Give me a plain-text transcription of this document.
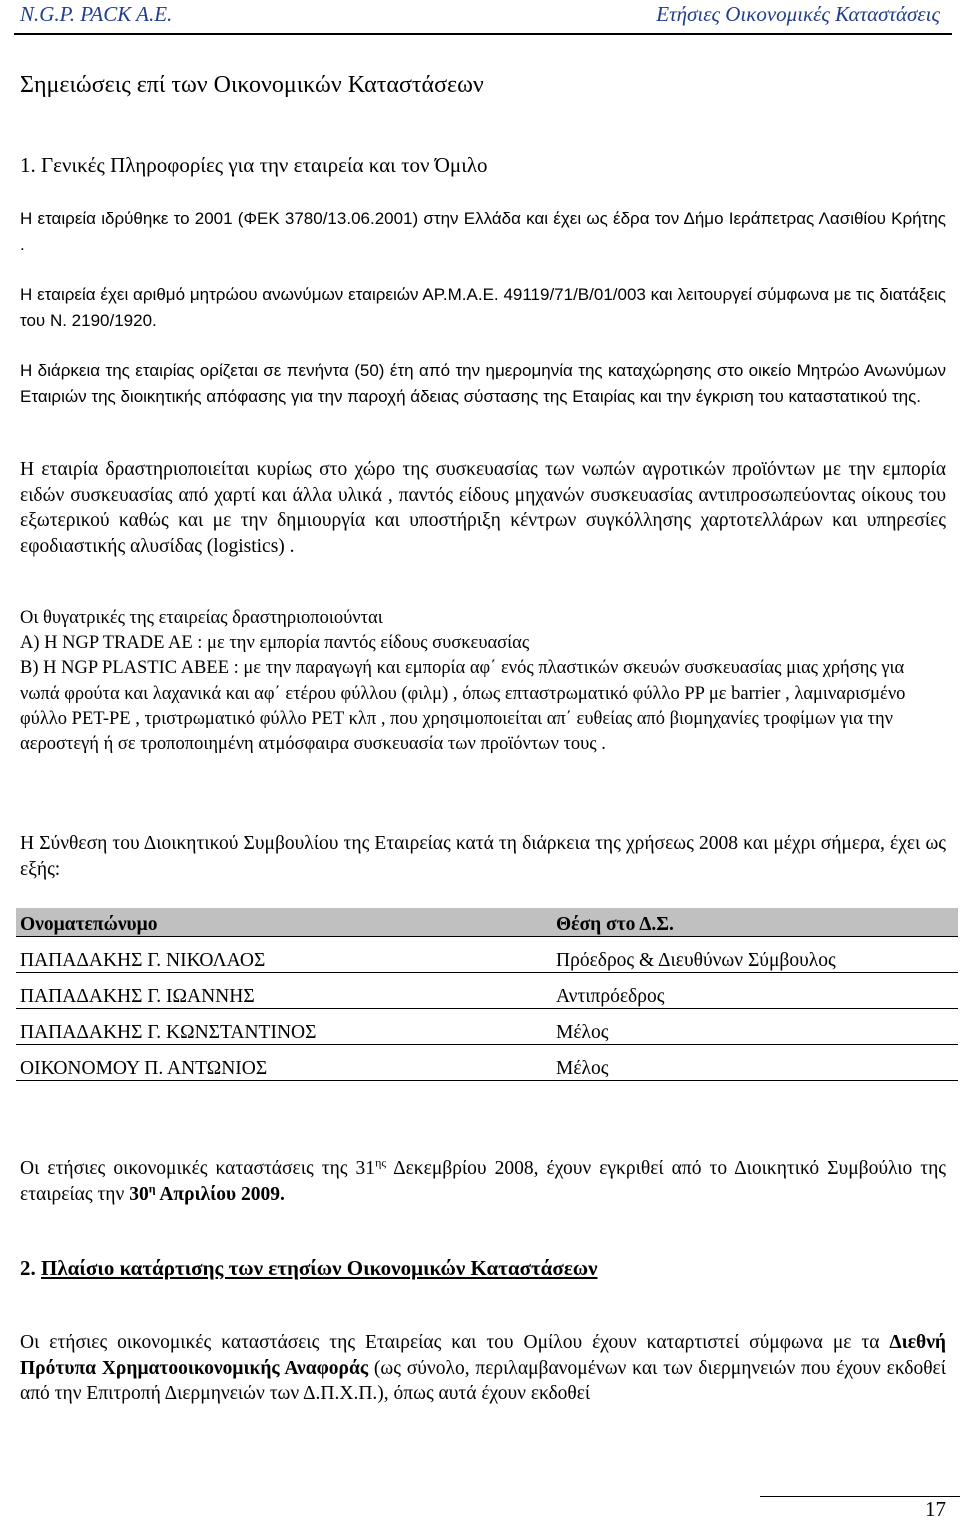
N.G.P. PACK A.E.	Ετήσιες Οικονομικές Καταστάσεις
Σημειώσεις επί των Οικονομικών Καταστάσεων
1. Γενικές Πληροφορίες για την εταιρεία και τον Όμιλο
Η εταιρεία ιδρύθηκε το 2001 (ΦΕΚ 3780/13.06.2001) στην Ελλάδα και έχει ως έδρα τον Δήμο Ιεράπετρας Λασιθίου Κρήτης .
Η εταιρεία έχει αριθμό μητρώου ανωνύμων εταιρειών ΑΡ.Μ.Α.Ε. 49119/71/Β/01/003 και λειτουργεί σύμφωνα με τις διατάξεις του Ν. 2190/1920.
Η διάρκεια της εταιρίας ορίζεται σε πενήντα (50) έτη από την ημερομηνία της καταχώρησης στο οικείο Μητρώο Ανωνύμων Εταιριών της διοικητικής απόφασης για την παροχή άδειας σύστασης της Εταιρίας και την έγκριση του καταστατικού της.
Η εταιρία δραστηριοποιείται κυρίως στο χώρο της συσκευασίας των νωπών αγροτικών προϊόντων με την εμπορία ειδών συσκευασίας από χαρτί και άλλα υλικά , παντός είδους μηχανών συσκευασίας αντιπροσωπεύοντας οίκους του εξωτερικού καθώς και με την δημιουργία και υποστήριξη κέντρων συγκόλλησης χαρτοτελλάρων και υπηρεσίες εφοδιαστικής αλυσίδας (logistics) .
Οι θυγατρικές της εταιρείας δραστηριοποιούνται
Α) Η NGP TRADE AE : με την εμπορία παντός είδους συσκευασίας
Β) Η NGP PLASTIC ABEE : με την παραγωγή και εμπορία αφ΄ ενός πλαστικών σκευών συσκευασίας μιας χρήσης για νωπά φρούτα και λαχανικά και αφ΄ ετέρου φύλλου (φιλμ) , όπως επταστρωματικό φύλλο PP με barrier , λαμιναρισμένο φύλλο PET-PE , τριστρωματικό φύλλο PET κλπ , που χρησιμοποιείται απ΄ ευθείας από βιομηχανίες τροφίμων για την αεροστεγή ή σε τροποποιημένη ατμόσφαιρα συσκευασία των προϊόντων τους .
Η Σύνθεση του Διοικητικού Συμβουλίου της Εταιρείας κατά τη διάρκεια της χρήσεως 2008 και μέχρι σήμερα, έχει ως εξής:
Ονοματεπώνυμο	Θέση στο Δ.Σ.
ΠΑΠΑΔΑΚΗΣ Γ. ΝΙΚΟΛΑΟΣ	Πρόεδρος & Διευθύνων Σύμβουλος
ΠΑΠΑΔΑΚΗΣ Γ. ΙΩΑΝΝΗΣ	Αντιπρόεδρος
ΠΑΠΑΔΑΚΗΣ Γ. ΚΩΝΣΤΑΝΤΙΝΟΣ	Μέλος
ΟΙΚΟΝΟΜΟΥ Π. ΑΝΤΩΝΙΟΣ	Μέλος
Οι ετήσιες οικονομικές καταστάσεις της $31^{\eta\varsigma}$ Δεκεμβρίου 2008, έχουν εγκριθεί από το Διοικητικό Συμβούλιο της εταιρείας την $30^\eta$ Απριλίου 2009.
2. Πλαίσιο κατάρτισης των ετησίων Οικονομικών Καταστάσεων
Οι ετήσιες οικονομικές καταστάσεις της Εταιρείας και του Ομίλου έχουν καταρτιστεί σύμφωνα με τα Διεθνή Πρότυπα Χρηματοοικονομικής Αναφοράς (ως σύνολο, περιλαμβανομένων και των διερμηνειών που έχουν εκδοθεί από την Επιτροπή Διερμηνειών των Δ.Π.Χ.Π.), όπως αυτά έχουν εκδοθεί
17
